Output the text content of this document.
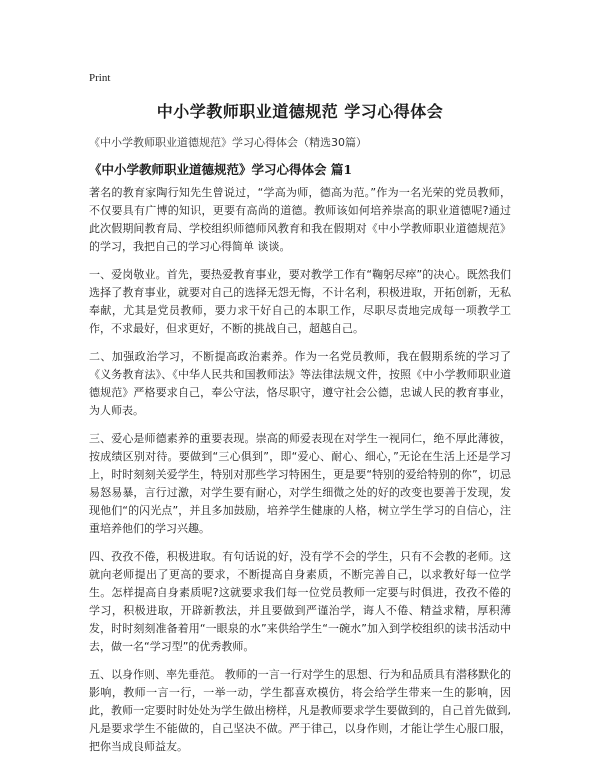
Print
中小学教师职业道德规范 学习心得体会

《中小学教师职业道德规范》学习心得体会（精选30篇）

《中小学教师职业道德规范》学习心得体会 篇1

著名的教育家陶行知先生曾说过，“学高为师，德高为范。”作为一名光荣的党员教师，不仅要具有广博的知识，更要有高尚的道德。教师该如何培养崇高的职业道德呢?通过此次假期间教育局、学校组织师德师风教育和我在假期对《中小学教师职业道德规范》的学习，我把自己的学习心得简单 谈谈。

一、爱岗敬业。首先，要热爱教育事业，要对教学工作有“鞠躬尽瘁”的决心。既然我们选择了教育事业，就要对自己的选择无怨无悔，不计名利，积极进取，开拓创新，无私奉献，尤其是党员教师，要力求干好自己的本职工作，尽职尽责地完成每一项教学工作，不求最好，但求更好，不断的挑战自己，超越自己。

二、加强政治学习，不断提高政治素养。作为一名党员教师，我在假期系统的学习了《义务教育法》、《中华人民共和国教师法》等法律法规文件，按照《中小学教师职业道德规范》严格要求自己，奉公守法，恪尽职守，遵守社会公德，忠诚人民的教育事业，为人师表。

三、爱心是师德素养的重要表现。崇高的师爱表现在对学生一视同仁，绝不厚此薄彼，按成绩区别对待。要做到“三心俱到”，即“爱心、耐心、细心，”无论在生活上还是学习上，时时刻刻关爱学生，特别对那些学习特困生，更是要“特别的爱给特别的你”，切忌易怒易暴，言行过激，对学生要有耐心，对学生细微之处的好的改变也要善于发现，发现他们“的闪光点”，并且多加鼓励，培养学生健康的人格，树立学生学习的自信心，注重培养他们的学习兴趣。

四、孜孜不倦，积极进取。有句话说的好，没有学不会的学生，只有不会教的老师。这就向老师提出了更高的要求，不断提高自身素质，不断完善自己，以求教好每一位学生。怎样提高自身素质呢?这就要求我们每一位党员教师一定要与时俱进，孜孜不倦的学习，积极进取，开辟新教法，并且要做到严谨治学，诲人不倦、精益求精，厚积薄发，时时刻刻准备着用“一眼泉的水”来供给学生“一碗水”加入到学校组织的读书活动中去，做一名“学习型”的优秀教师。

五、以身作则、率先垂范。 教师的一言一行对学生的思想、行为和品质具有潜移默化的影响，教师一言一行，一举一动，学生都喜欢模仿，将会给学生带来一生的影响，因此，教师一定要时时处处为学生做出榜样，凡是教师要求学生要做到的，自己首先做到,凡是要求学生不能做的，自己坚决不做。严于律己，以身作则，才能让学生心服口服，把你当成良师益友。
